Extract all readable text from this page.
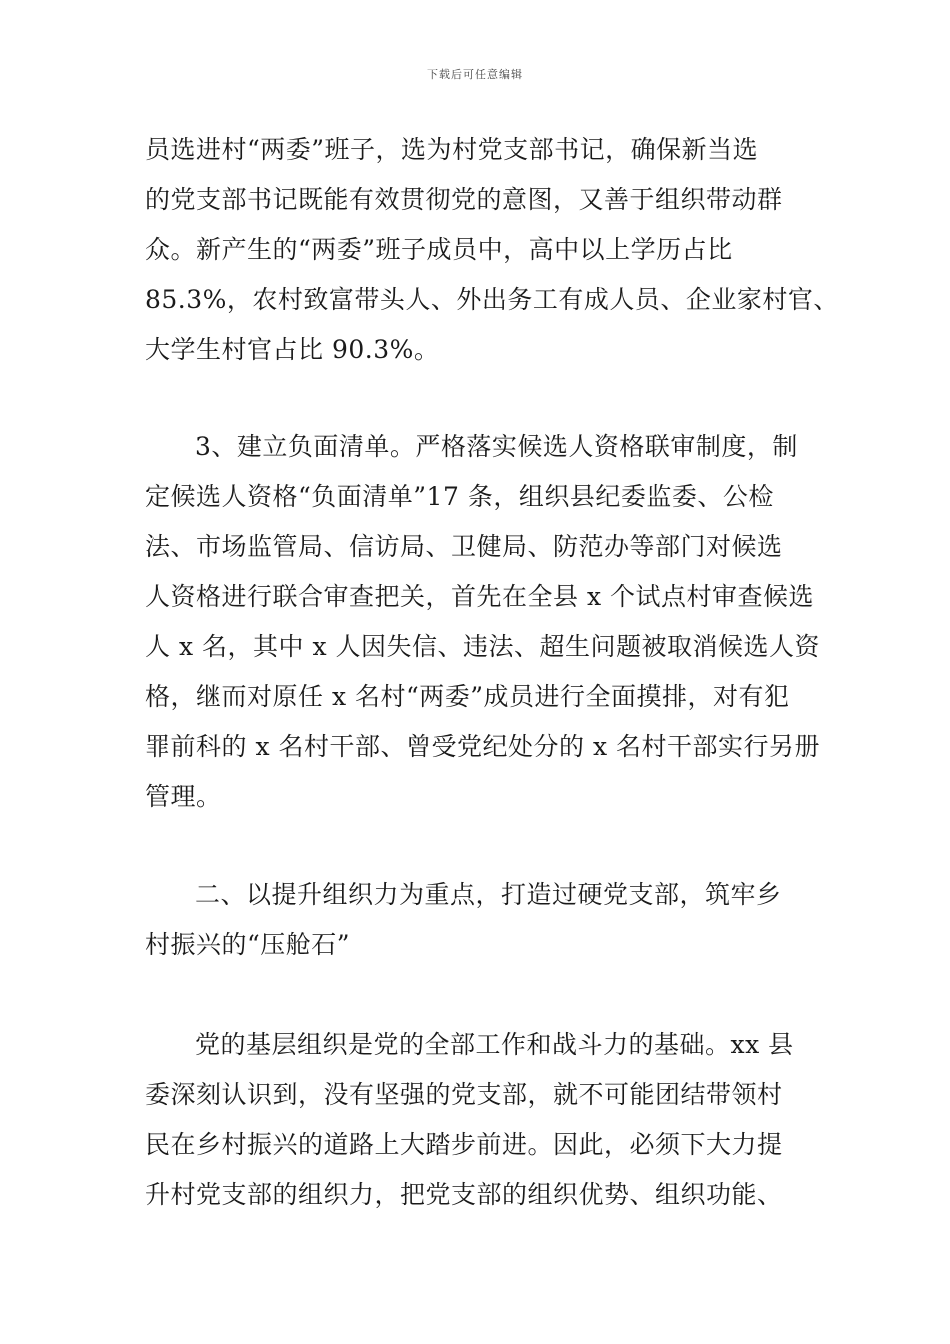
下载后可任意编辑
员选进村“两委”班子，选为村党支部书记，确保新当选
的党支部书记既能有效贯彻党的意图，又善于组织带动群
众。新产生的“两委”班子成员中，高中以上学历占比
85.3%，农村致富带头人、外出务工有成人员、企业家村官、
大学生村官占比 90.3%。
3、建立负面清单。严格落实候选人资格联审制度，制
定候选人资格“负面清单”17 条，组织县纪委监委、公检
法、市场监管局、信访局、卫健局、防范办等部门对候选
人资格进行联合审查把关，首先在全县 x 个试点村审查候选
人 x 名，其中 x 人因失信、违法、超生问题被取消候选人资
格，继而对原任 x 名村“两委”成员进行全面摸排，对有犯
罪前科的 x 名村干部、曾受党纪处分的 x 名村干部实行另册
管理。
二、以提升组织力为重点，打造过硬党支部，筑牢乡
村振兴的“压舱石”
党的基层组织是党的全部工作和战斗力的基础。xx 县
委深刻认识到，没有坚强的党支部，就不可能团结带领村
民在乡村振兴的道路上大踏步前进。因此，必须下大力提
升村党支部的组织力，把党支部的组织优势、组织功能、
